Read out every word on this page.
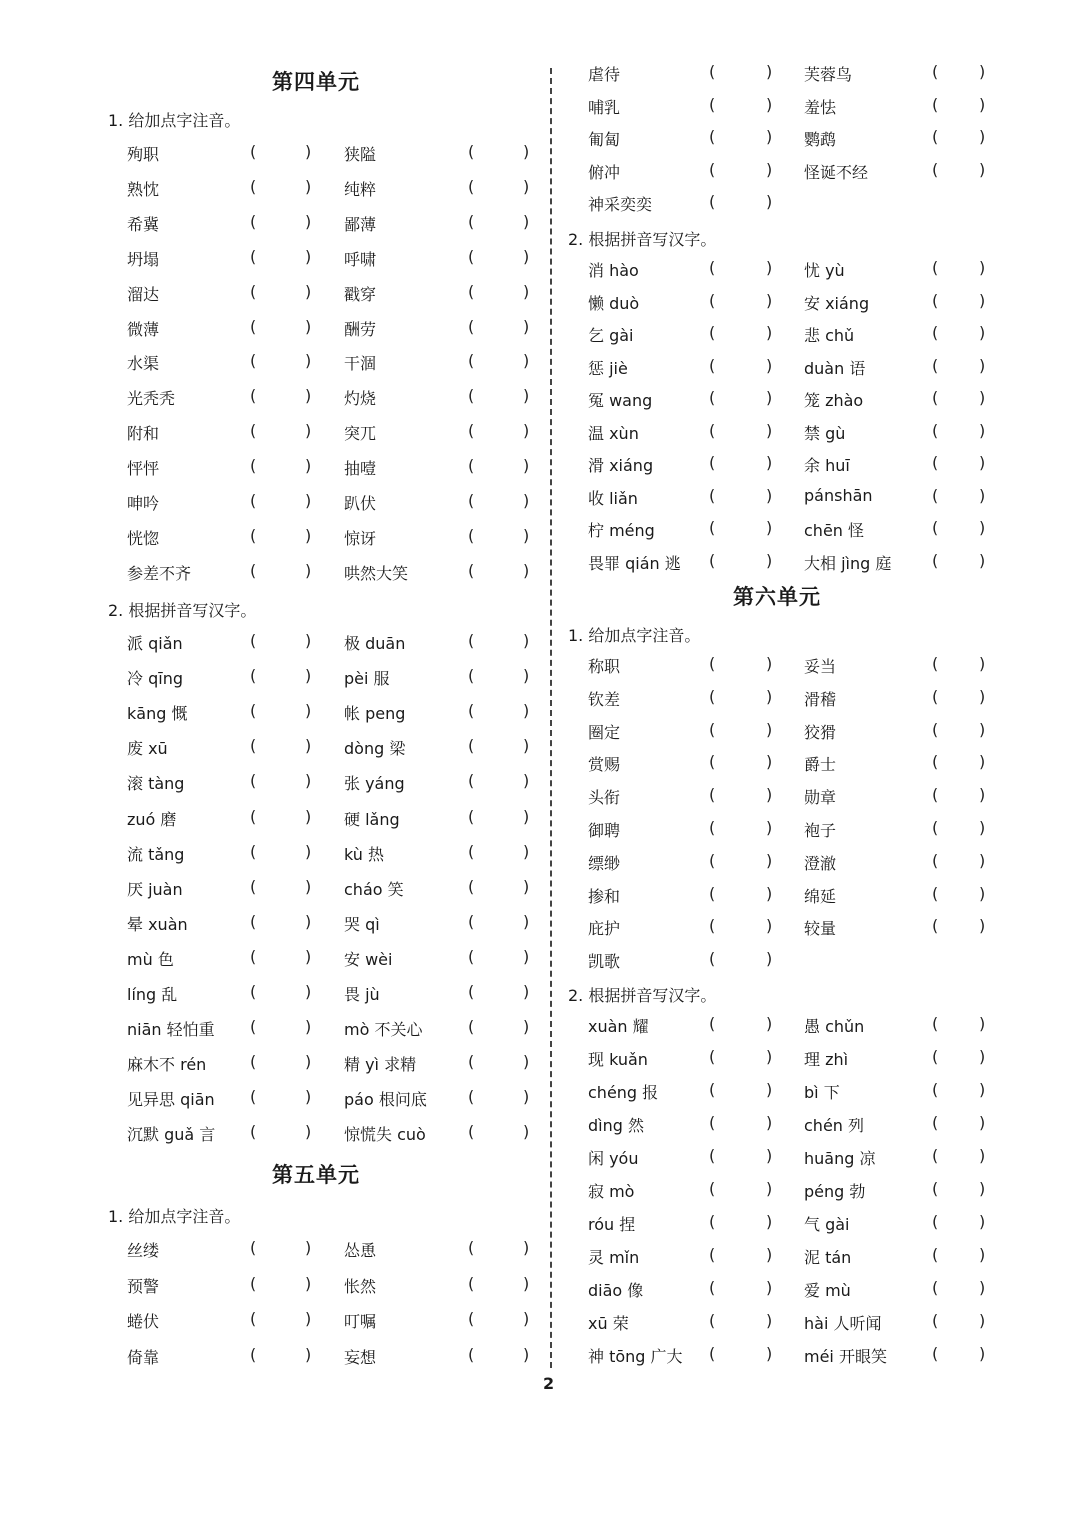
第四单元
1. 给加点字注音。
殉职	(	) 狭隘	(	)
熟忱	(	) 纯粹	(	)
希冀	(	) 鄙薄	(	)
坍塌	(	) 呼啸	(	)
溜达	(	) 戳穿	(	)
微薄	(	) 酬劳	(	)
水渠	(	) 干涸	(	)
光秃秃	(	) 灼烧	(	)
附和	(	) 突兀	(	)
怦怦	(	) 抽噎	(	)
呻吟	(	) 趴伏	(	)
恍惚	(	) 惊讶	(	)
参差不齐	(	) 哄然大笑	(	)
2. 根据拼音写汉字。
派 qiǎn	(	) 极 duān	(	)
冷 qīng	(	) pèi 服	(	)
kāng 慨	(	) 帐 peng	(	)
废 xū	(	) dòng 梁	(	)
滚 tàng	(	) 张 yáng	(	)
zuó 磨	(	) 硬 lǎng	(	)
流 tǎng	(	) kù 热	(	)
厌 juàn	(	) cháo 笑	(	)
晕 xuàn	(	) 哭 qì	(	)
mù 色	(	) 安 wèi	(	)
líng 乱	(	) 畏 jù	(	)
niān 轻怕重 (	) mò 不关心	(	)
麻木不 rén	(	) 精 yì 求精	(	)
见异思 qiān (	) páo 根问底	(	)
沉默 guǎ 言 (	) 惊慌失 cuò	(	)
第五单元
1. 给加点字注音。
丝缕	(	) 怂恿	(	)
预警	(	) 怅然	(	)
蜷伏	(	) 叮嘱	(	)
倚靠	(	) 妄想	(	)
虐待	(	) 芙蓉鸟	(	)
哺乳	(	) 羞怯	(	)
匍匐	(	) 鹦鹉	(	)
俯冲	(	) 怪诞不经	(	)
神采奕奕	(	)
2. 根据拼音写汉字。
消 hào	(	) 忧 yù	(	)
懒 duò	(	) 安 xiáng	(	)
乞 gài	(	) 悲 chǔ	(	)
惩 jiè	(	) duàn 语	(	)
冤 wang	(	) 笼 zhào	(	)
温 xùn	(	) 禁 gù	(	)
滑 xiáng	(	) 余 huī	(	)
收 liǎn	(	) pánshān	(	)
柠 méng	(	) chēn 怪	(	)
畏罪 qián 逃 (	) 大相 jìng 庭	(	)
第六单元
1. 给加点字注音。
称职	(	) 妥当	(	)
钦差	(	) 滑稽	(	)
圈定	(	) 狡猾	(	)
赏赐	(	) 爵士	(	)
头衔	(	) 勋章	(	)
御聘	(	) 袍子	(	)
缥缈	(	) 澄澈	(	)
掺和	(	) 绵延	(	)
庇护	(	) 较量	(	)
凯歌	(	)
2. 根据拼音写汉字。
xuàn 耀	(	) 愚 chǔn	(	)
现 kuǎn	(	) 理 zhì	(	)
chéng 报	(	) bì 下	(	)
dìng 然	(	) chén 列	(	)
闲 yóu	(	) huāng 凉	(	)
寂 mò	(	) péng 勃	(	)
róu 捏	(	) 气 gài	(	)
灵 mǐn	(	) 泥 tán	(	)
diāo 像	(	) 爱 mù	(	)
xū 荣	(	) hài 人听闻	(	)
神 tōng 广大 (	) méi 开眼笑	(	)
2
